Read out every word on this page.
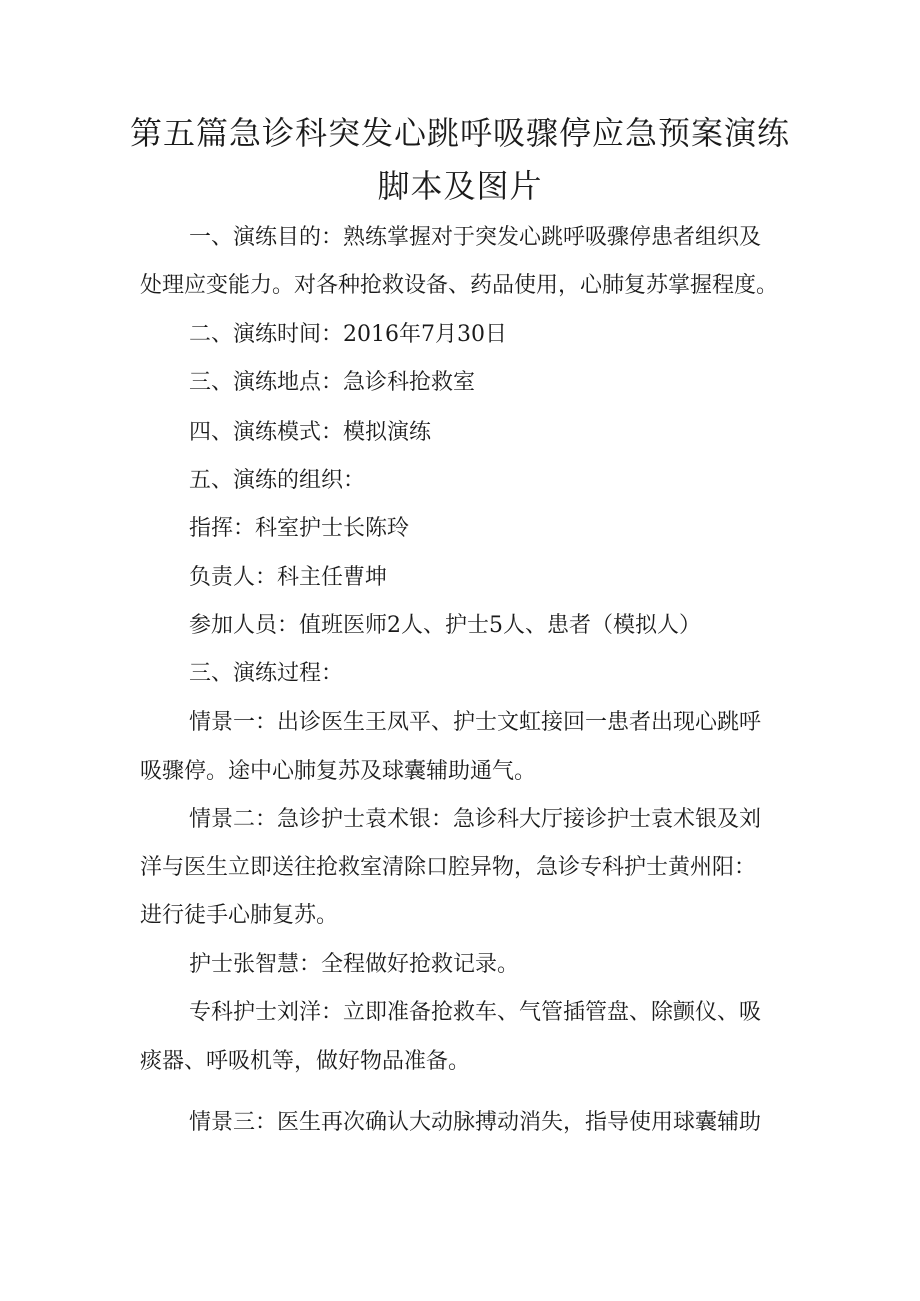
第五篇急诊科突发心跳呼吸骤停应急预案演练
脚本及图片
一、演练目的：熟练掌握对于突发心跳呼吸骤停患者组织及
处理应变能力。对各种抢救设备、药品使用，心肺复苏掌握程度。
二、演练时间：2016年7月30日
三、演练地点：急诊科抢救室
四、演练模式：模拟演练
五、演练的组织：
指挥：科室护士长陈玲
负责人：科主任曹坤
参加人员：值班医师2人、护士5人、患者（模拟人）
三、演练过程：
情景一：出诊医生王凤平、护士文虹接回一患者出现心跳呼
吸骤停。途中心肺复苏及球囊辅助通气。
情景二：急诊护士袁术银：急诊科大厅接诊护士袁术银及刘
洋与医生立即送往抢救室清除口腔异物，急诊专科护士黄州阳：
进行徒手心肺复苏。
护士张智慧：全程做好抢救记录。
专科护士刘洋：立即准备抢救车、气管插管盘、除颤仪、吸
痰器、呼吸机等，做好物品准备。
情景三：医生再次确认大动脉搏动消失，指导使用球囊辅助
